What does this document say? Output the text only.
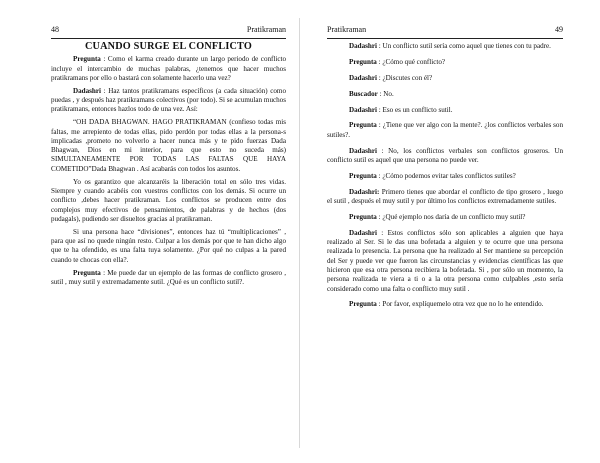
48	Pratikraman
CUANDO SURGE EL CONFLICTO

Pregunta : Como el karma creado durante un largo periodo de conflicto incluye el intercambio de muchas palabras, ¿tenemos que hacer muchos pratikramans por ello o bastará con solamente hacerlo una vez?

Dadashri : Haz tantos pratikramans específicos (a cada situación) como puedas , y después haz pratikramans colectivos (por todo). Si se acumulan muchos pratikramans, entonces hazlos todo de una vez. Así:

“OH DADA BHAGWAN. HAGO PRATIKRAMAN (confieso todas mis faltas, me arrepiento de todas ellas, pido perdón por todas ellas a la persona-s implicadas ,prometo no volverlo a hacer nunca más y te pido fuerzas Dada Bhagwan, Dios en mi interior, para que esto no suceda más) SIMULTANEAMENTE POR TODAS LAS FALTAS QUE HAYA COMETIDO”Dada Bhagwan . Así acabarás con todos los asuntos.

Yo os garantizo que alcanzaréis la liberación total en sólo tres vidas. Siempre y cuando acabéis con vuestros conflictos con los demás. Si ocurre un conflicto ,debes hacer pratikraman. Los conflictos se producen entre dos complejos muy efectivos de pensamientos, de palabras y de hechos (dos pudagals), pudiendo ser disueltos gracias al pratikraman.

Si una persona hace “divisiones”, entonces haz tú “multiplicaciones” , para que así no quede ningún resto. Culpar a los demás por que te han dicho algo que te ha ofendido, es una falta tuya solamente. ¿Por qué no culpas a la pared cuando te chocas con ella?.

Pregunta : Me puede dar un ejemplo de las formas de conflicto grosero , sutil , muy sutil y extremadamente sutil. ¿Qué es un conflicto sutil?.

Pratikraman	49

Dadashri : Un conflicto sutil sería como aquel que tienes con tu padre.

Pregunta : ¿Cómo qué conflicto?

Dadashri : ¿Discutes con él?

Buscador : No.

Dadashri : Eso es un conflicto sutil.

Pregunta : ¿Tiene que ver algo con la mente?. ¿los conflictos verbales son sutiles?.

Dadashri : No, los conflictos verbales son conflictos groseros. Un conflicto sutil es aquel que una persona no puede ver.

Pregunta : ¿Cómo podemos evitar tales conflictos sutiles?

Dadashri: Primero tienes que abordar el conflicto de tipo grosero , luego el sutil , después el muy sutil y por último los conflictos extremadamente sutiles.

Pregunta : ¿Qué ejemplo nos daría de un conflicto muy sutil?

Dadashri : Estos conflictos sólo son aplicables a alguien que haya realizado al Ser. Si le das una bofetada a alguien y te ocurre que una persona realizada lo presencia. La persona que ha realizado al Ser mantiene su percepción del Ser y puede ver que fueron las circunstancias y evidencias científicas las que hicieron que esa otra persona recibiera la bofetada. Si , por sólo un momento, la persona realizada te viera a ti o a la otra persona como culpables ,esto sería considerado como una falta o conflicto muy sutil .

Pregunta : Por favor, explíquemelo otra vez que no lo he entendido.
